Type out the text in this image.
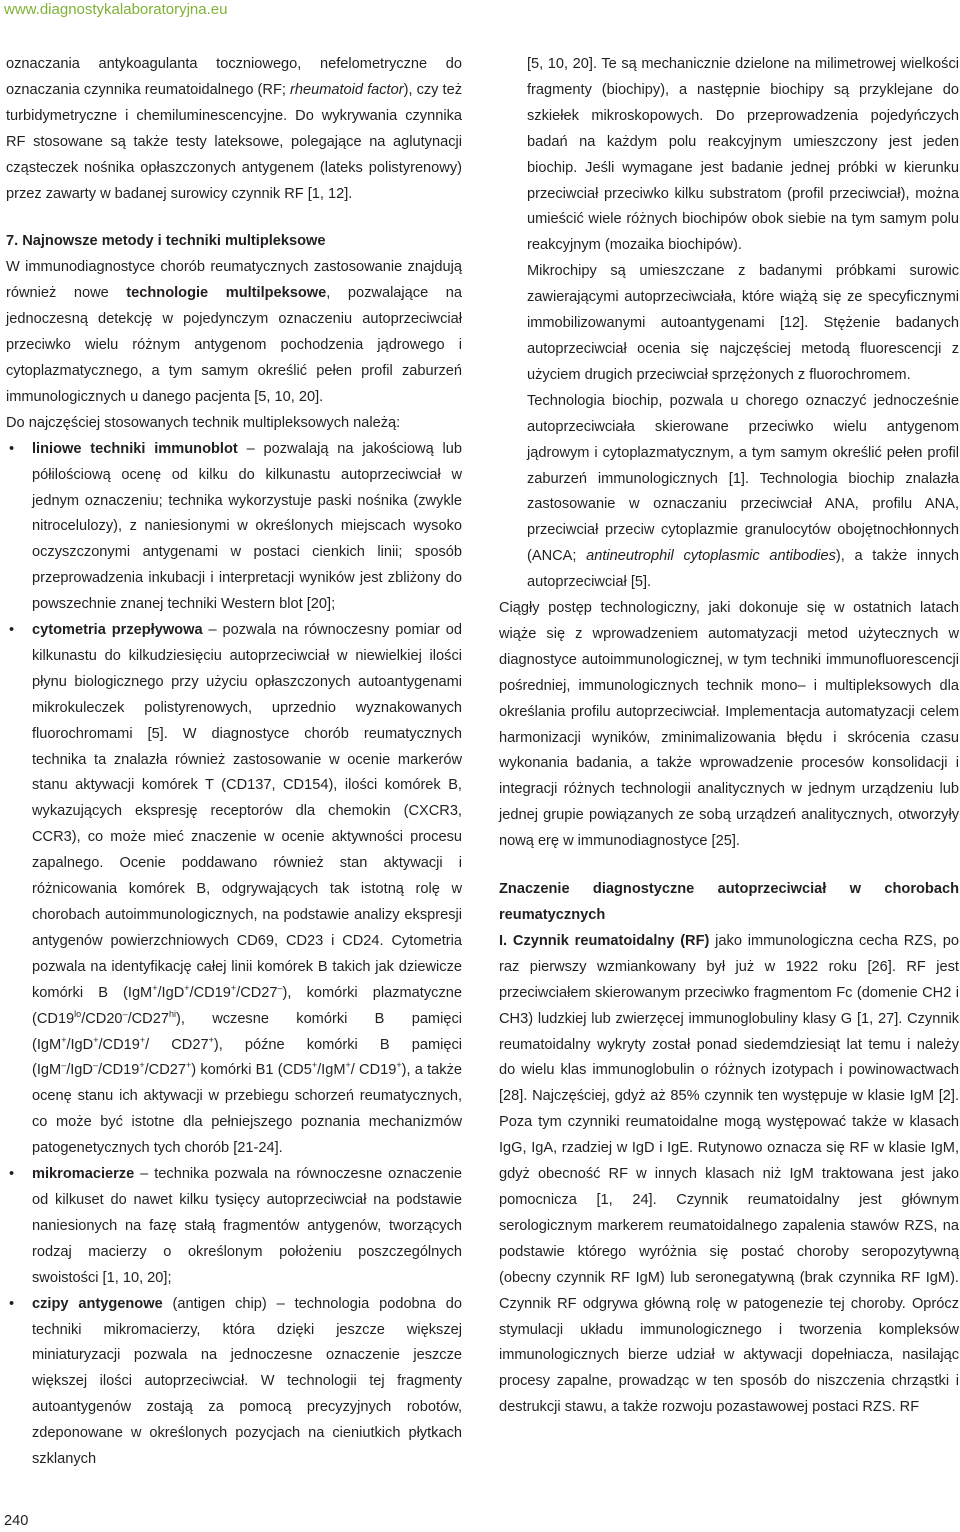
www.diagnostykalaboratoryjna.eu

oznaczania antykoagulanta toczniowego, nefelometryczne do oznaczania czynnika reumatoidalnego (RF; rheumatoid factor), czy też turbidymetryczne i chemiluminescencyjne. Do wykrywania czynnika RF stosowane są także testy lateksowe, polegające na aglutynacji cząsteczek nośnika opłaszczonych antygenem (lateks polistyrenowy) przez zawarty w badanej surowicy czynnik RF [1, 12].

7. Najnowsze metody i techniki multipleksowe

W immunodiagnostyce chorób reumatycznych zastosowanie znajdują również nowe technologie multilpeksowe, pozwalające na jednoczesną detekcję w pojedynczym oznaczeniu autoprzeciwciał przeciwko wielu różnym antygenom pochodzenia jądrowego i cytoplazmatycznego, a tym samym określić pełen profil zaburzeń immunologicznych u danego pacjenta [5, 10, 20].

Do najczęściej stosowanych technik multipleksowych należą:

• liniowe techniki immunoblot – pozwalają na jakościową lub półilościową ocenę od kilku do kilkunastu autoprzeciwciał w jednym oznaczeniu; technika wykorzystuje paski nośnika (zwykle nitrocelulozy), z naniesionymi w określonych miejscach wysoko oczyszczonymi antygenami w postaci cienkich linii; sposób przeprowadzenia inkubacji i interpretacji wyników jest zbliżony do powszechnie znanej techniki Western blot [20];
• cytometria przepływowa – pozwala na równoczesny pomiar od kilkunastu do kilkudziesięciu autoprzeciwciał w niewielkiej ilości płynu biologicznego przy użyciu opłaszczonych autoantygenami mikrokuleczek polistyrenowych, uprzednio wyznakowanych fluorochromami [5]. W diagnostyce chorób reumatycznych technika ta znalazła również zastosowanie w ocenie markerów stanu aktywacji komórek T (CD137, CD154), ilości komórek B, wykazujących ekspresję receptorów dla chemokin (CXCR3, CCR3), co może mieć znaczenie w ocenie aktywności procesu zapalnego. Ocenie poddawano również stan aktywacji i różnicowania komórek B, odgrywających tak istotną rolę w chorobach autoimmunologicznych, na podstawie analizy ekspresji antygenów powierzchniowych CD69, CD23 i CD24. Cytometria pozwala na identyfikację całej linii komórek B takich jak dziewicze komórki B (IgM+/IgD+/CD19+/CD27–), komórki plazmatyczne $(CD19^{lo}/CD20^-/CD27^{hi})$, wczesne komórki B pamięci (IgM+/IgD+/CD19+/ CD27+), późne komórki B pamięci (IgM–/IgD–/CD19+/CD27+) komórki B1 (CD5+/IgM+/ CD19+), a także ocenę stanu ich aktywacji w przebiegu schorzeń reumatycznych, co może być istotne dla pełniejszego poznania mechanizmów patogenetycznych tych chorób [21-24].
• mikromacierze – technika pozwala na równoczesne oznaczenie od kilkuset do nawet kilku tysięcy autoprzeciwciał na podstawie naniesionych na fazę stałą fragmentów antygenów, tworzących rodzaj macierzy o określonym położeniu poszczególnych swoistości [1, 10, 20];
• czipy antygenowe (antigen chip) – technologia podobna do techniki mikromacierzy, która dzięki jeszcze większej miniaturyzacji pozwala na jednoczesne oznaczenie jeszcze większej ilości autoprzeciwciał. W technologii tej fragmenty autoantygenów zostają za pomocą precyzyjnych robotów, zdeponowane w określonych pozycjach na cieniutkich płytkach szklanych

[5, 10, 20]. Te są mechanicznie dzielone na milimetrowej wielkości fragmenty (biochipy), a następnie biochipy są przyklejane do szkiełek mikroskopowych. Do przeprowadzenia pojedyńczych badań na każdym polu reakcyjnym umieszczony jest jeden biochip. Jeśli wymagane jest badanie jednej próbki w kierunku przeciwciał przeciwko kilku substratom (profil przeciwciał), można umieścić wiele różnych biochipów obok siebie na tym samym polu reakcyjnym (mozaika biochipów).

Mikrochipy są umieszczane z badanymi próbkami surowic zawierającymi autoprzeciwciała, które wiążą się ze specyficznymi immobilizowanymi autoantygenami [12]. Stężenie badanych autoprzeciwciał ocenia się najczęściej metodą fluorescencji z użyciem drugich przeciwciał sprzężonych z fluorochromem.

Technologia biochip, pozwala u chorego oznaczyć jednocześnie autoprzeciwciała skierowane przeciwko wielu antygenom jądrowym i cytoplazmatycznym, a tym samym określić pełen profil zaburzeń immunologicznych [1]. Technologia biochip znalazła zastosowanie w oznaczaniu przeciwciał ANA, profilu ANA, przeciwciał przeciw cytoplazmie granulocytów obojętnochłonnych (ANCA; antineutrophil cytoplasmic antibodies), a także innych autoprzeciwciał [5].

Ciągły postęp technologiczny, jaki dokonuje się w ostatnich latach wiąże się z wprowadzeniem automatyzacji metod użytecznych w diagnostyce autoimmunologicznej, w tym techniki immunofluorescencji pośredniej, immunologicznych technik mono– i multipleksowych dla określania profilu autoprzeciwciał. Implementacja automatyzacji celem harmonizacji wyników, zminimalizowania błędu i skrócenia czasu wykonania badania, a także wprowadzenie procesów konsolidacji i integracji różnych technologii analitycznych w jednym urządzeniu lub jednej grupie powiązanych ze sobą urządzeń analitycznych, otworzyły nową erę w immunodiagnostyce [25].

Znaczenie diagnostyczne autoprzeciwciał w chorobach reumatycznych

I. Czynnik reumatoidalny (RF) jako immunologiczna cecha RZS, po raz pierwszy wzmiankowany był już w 1922 roku [26]. RF jest przeciwciałem skierowanym przeciwko fragmentom Fc (domenie CH2 i CH3) ludzkiej lub zwierzęcej immunoglobuliny klasy G [1, 27]. Czynnik reumatoidalny wykryty został ponad siedemdziesiąt lat temu i należy do wielu klas immunoglobulin o różnych izotypach i powinowactwach [28]. Najczęściej, gdyż aż 85% czynnik ten występuje w klasie IgM [2]. Poza tym czynniki reumatoidalne mogą występować także w klasach IgG, IgA, rzadziej w IgD i IgE. Rutynowo oznacza się RF w klasie IgM, gdyż obecność RF w innych klasach niż IgM traktowana jest jako pomocnicza [1, 24]. Czynnik reumatoidalny jest głównym serologicznym markerem reumatoidalnego zapalenia stawów RZS, na podstawie którego wyróżnia się postać choroby seropozytywną (obecny czynnik RF IgM) lub seronegatywną (brak czynnika RF IgM). Czynnik RF odgrywa główną rolę w patogenezie tej choroby. Oprócz stymulacji układu immunologicznego i tworzenia kompleksów immunologicznych bierze udział w aktywacji dopełniacza, nasilając procesy zapalne, prowadząc w ten sposób do niszczenia chrząstki i destrukcji stawu, a także rozwoju pozastawowej postaci RZS. RF

240
